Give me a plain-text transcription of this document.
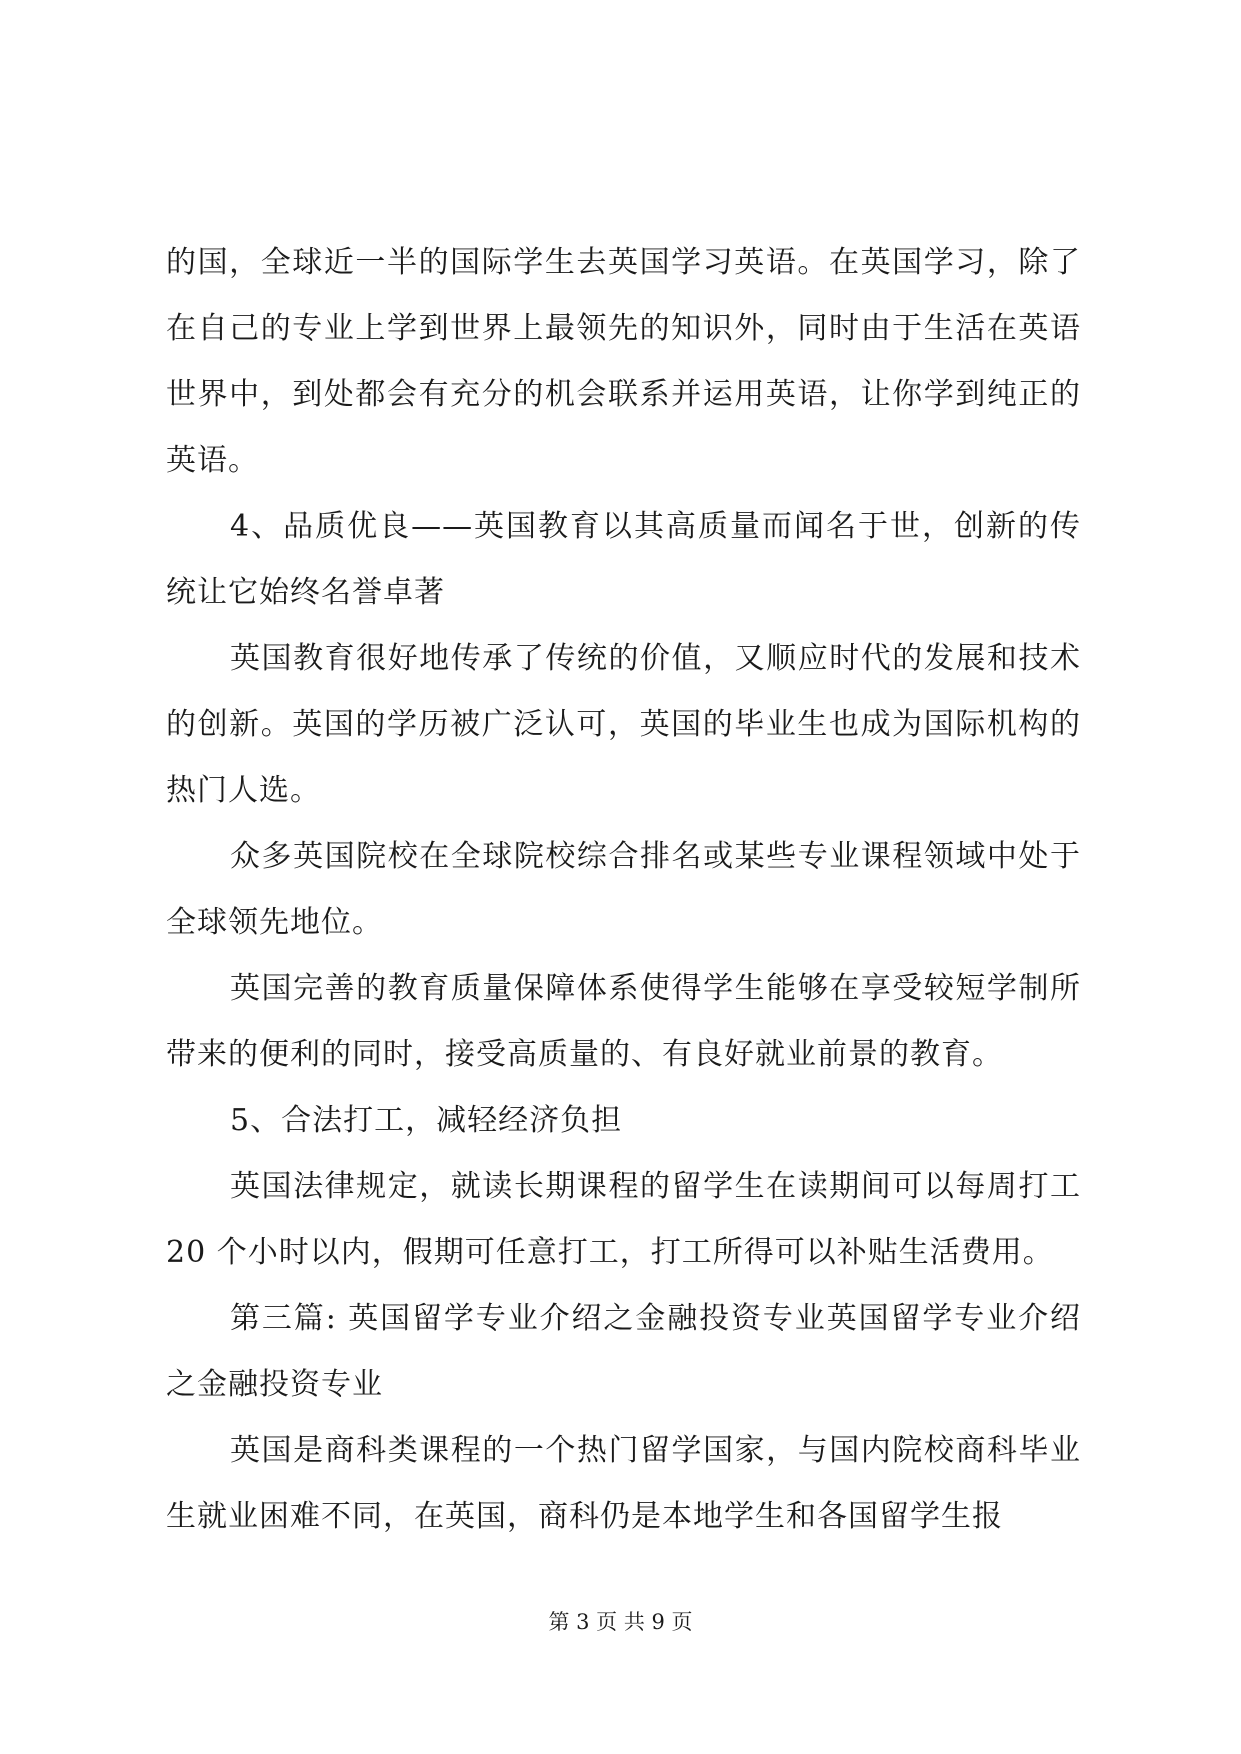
的国，全球近一半的国际学生去英国学习英语。在英国学习，除了在自己的专业上学到世界上最领先的知识外，同时由于生活在英语世界中，到处都会有充分的机会联系并运用英语，让你学到纯正的英语。

4、品质优良——英国教育以其高质量而闻名于世，创新的传统让它始终名誉卓著

英国教育很好地传承了传统的价值，又顺应时代的发展和技术的创新。英国的学历被广泛认可，英国的毕业生也成为国际机构的热门人选。

众多英国院校在全球院校综合排名或某些专业课程领域中处于全球领先地位。

英国完善的教育质量保障体系使得学生能够在享受较短学制所带来的便利的同时，接受高质量的、有良好就业前景的教育。

5、合法打工，减轻经济负担

英国法律规定，就读长期课程的留学生在读期间可以每周打工 20 个小时以内，假期可任意打工，打工所得可以补贴生活费用。

第三篇: 英国留学专业介绍之金融投资专业英国留学专业介绍之金融投资专业

英国是商科类课程的一个热门留学国家，与国内院校商科毕业生就业困难不同，在英国，商科仍是本地学生和各国留学生报

第 3 页 共 9 页
